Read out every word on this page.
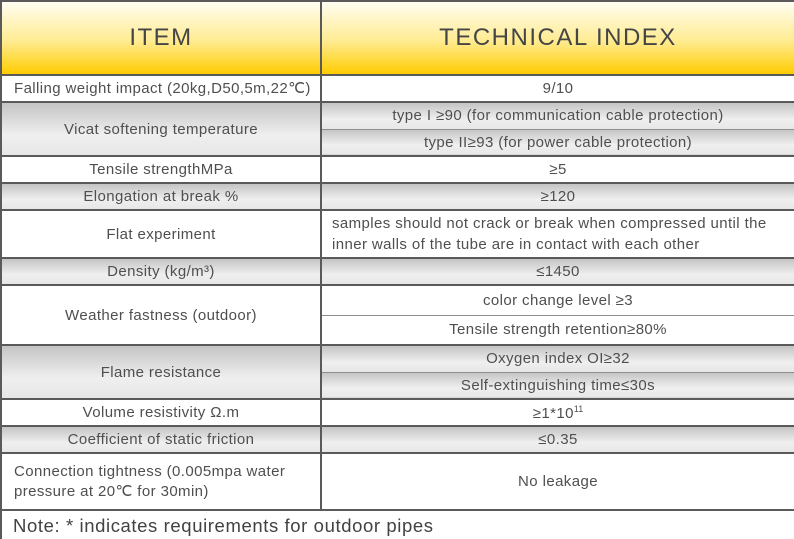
ITEM	TECHNICAL INDEX
Falling weight impact (20kg,D50,5m,22℃)	9/10
Vicat softening temperature	type I ≥90 (for communication cable protection)
	type II≥93 (for power cable protection)
Tensile strengthMPa	≥5
Elongation at break %	≥120
Flat experiment	samples should not crack or break when compressed until the inner walls of the tube are in contact with each other
Density (kg/m³)	≤1450
Weather fastness (outdoor)	color change level ≥3
	Tensile strength retention≥80%
Flame resistance	Oxygen index OI≥32
	Self-extinguishing time≤30s
Volume resistivity Ω.m	$\ge 1*10^{11}$
Coefficient of static friction	≤0.35
Connection tightness (0.005mpa water pressure at 20℃ for 30min)	No leakage
Note: * indicates requirements for outdoor pipes	
